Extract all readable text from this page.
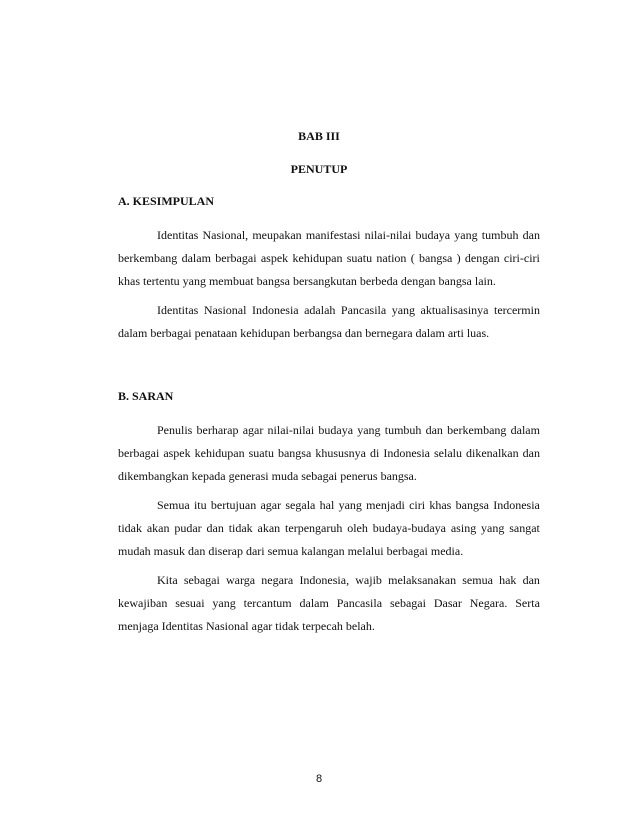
BAB III
PENUTUP
A. KESIMPULAN
Identitas Nasional, meupakan manifestasi nilai-nilai budaya yang tumbuh dan
berkembang dalam berbagai aspek kehidupan suatu nation ( bangsa ) dengan ciri-ciri
khas tertentu yang membuat bangsa bersangkutan berbeda dengan bangsa lain.
Identitas Nasional Indonesia adalah Pancasila yang aktualisasinya tercermin
dalam berbagai penataan kehidupan berbangsa dan bernegara dalam arti luas.
B. SARAN
Penulis berharap agar nilai-nilai budaya yang tumbuh dan berkembang dalam
berbagai aspek kehidupan suatu bangsa khususnya di Indonesia selalu dikenalkan dan
dikembangkan kepada generasi muda sebagai penerus bangsa.
Semua itu bertujuan agar segala hal yang menjadi ciri khas bangsa Indonesia
tidak akan pudar dan tidak akan terpengaruh oleh budaya-budaya asing yang sangat
mudah masuk dan diserap dari semua kalangan melalui berbagai media.
Kita sebagai warga negara Indonesia, wajib melaksanakan semua hak dan
kewajiban sesuai yang tercantum dalam Pancasila sebagai Dasar Negara. Serta
menjaga Identitas Nasional agar tidak terpecah belah.
8
